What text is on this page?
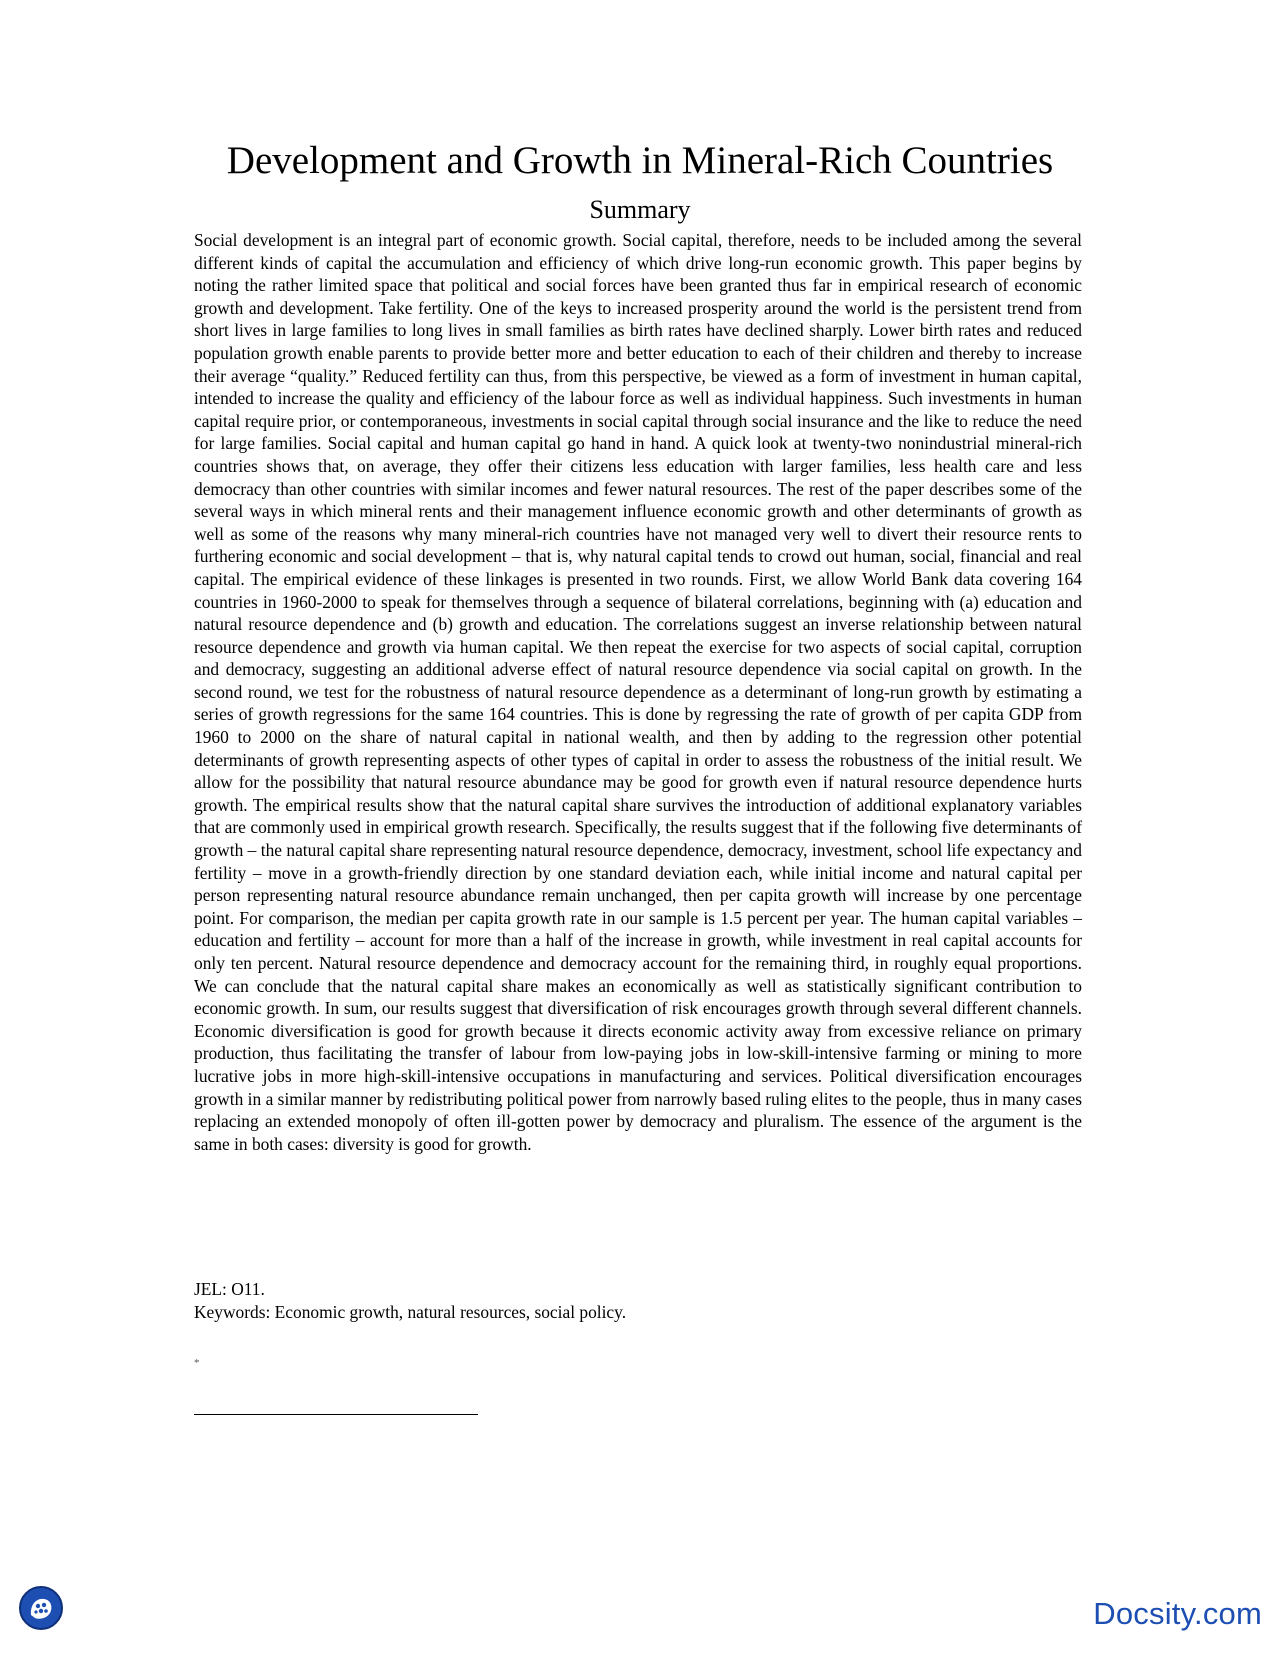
Development and Growth in Mineral-Rich Countries
Summary

Social development is an integral part of economic growth. Social capital, therefore, needs to be included among the several different kinds of capital the accumulation and efficiency of which drive long-run economic growth. This paper begins by noting the rather limited space that political and social forces have been granted thus far in empirical research of economic growth and development. Take fertility. One of the keys to increased prosperity around the world is the persistent trend from short lives in large families to long lives in small families as birth rates have declined sharply. Lower birth rates and reduced population growth enable parents to provide better more and better education to each of their children and thereby to increase their average “quality.” Reduced fertility can thus, from this perspective, be viewed as a form of investment in human capital, intended to increase the quality and efficiency of the labour force as well as individual happiness. Such investments in human capital require prior, or contemporaneous, investments in social capital through social insurance and the like to reduce the need for large families. Social capital and human capital go hand in hand. A quick look at twenty-two nonindustrial mineral-rich countries shows that, on average, they offer their citizens less education with larger families, less health care and less democracy than other countries with similar incomes and fewer natural resources. The rest of the paper describes some of the several ways in which mineral rents and their management influence economic growth and other determinants of growth as well as some of the reasons why many mineral-rich countries have not managed very well to divert their resource rents to furthering economic and social development – that is, why natural capital tends to crowd out human, social, financial and real capital. The empirical evidence of these linkages is presented in two rounds. First, we allow World Bank data covering 164 countries in 1960-2000 to speak for themselves through a sequence of bilateral correlations, beginning with (a) education and natural resource dependence and (b) growth and education. The correlations suggest an inverse relationship between natural resource dependence and growth via human capital. We then repeat the exercise for two aspects of social capital, corruption and democracy, suggesting an additional adverse effect of natural resource dependence via social capital on growth. In the second round, we test for the robustness of natural resource dependence as a determinant of long-run growth by estimating a series of growth regressions for the same 164 countries. This is done by regressing the rate of growth of per capita GDP from 1960 to 2000 on the share of natural capital in national wealth, and then by adding to the regression other potential determinants of growth representing aspects of other types of capital in order to assess the robustness of the initial result. We allow for the possibility that natural resource abundance may be good for growth even if natural resource dependence hurts growth. The empirical results show that the natural capital share survives the introduction of additional explanatory variables that are commonly used in empirical growth research. Specifically, the results suggest that if the following five determinants of growth – the natural capital share representing natural resource dependence, democracy, investment, school life expectancy and fertility – move in a growth-friendly direction by one standard deviation each, while initial income and natural capital per person representing natural resource abundance remain unchanged, then per capita growth will increase by one percentage point. For comparison, the median per capita growth rate in our sample is 1.5 percent per year. The human capital variables – education and fertility – account for more than a half of the increase in growth, while investment in real capital accounts for only ten percent. Natural resource dependence and democracy account for the remaining third, in roughly equal proportions. We can conclude that the natural capital share makes an economically as well as statistically significant contribution to economic growth. In sum, our results suggest that diversification of risk encourages growth through several different channels. Economic diversification is good for growth because it directs economic activity away from excessive reliance on primary production, thus facilitating the transfer of labour from low-paying jobs in low-skill-intensive farming or mining to more lucrative jobs in more high-skill-intensive occupations in manufacturing and services. Political diversification encourages growth in a similar manner by redistributing political power from narrowly based ruling elites to the people, thus in many cases replacing an extended monopoly of often ill-gotten power by democracy and pluralism. The essence of the argument is the same in both cases: diversity is good for growth.

JEL: O11.

Keywords: Economic growth, natural resources, social policy.

*
Docsity.com
